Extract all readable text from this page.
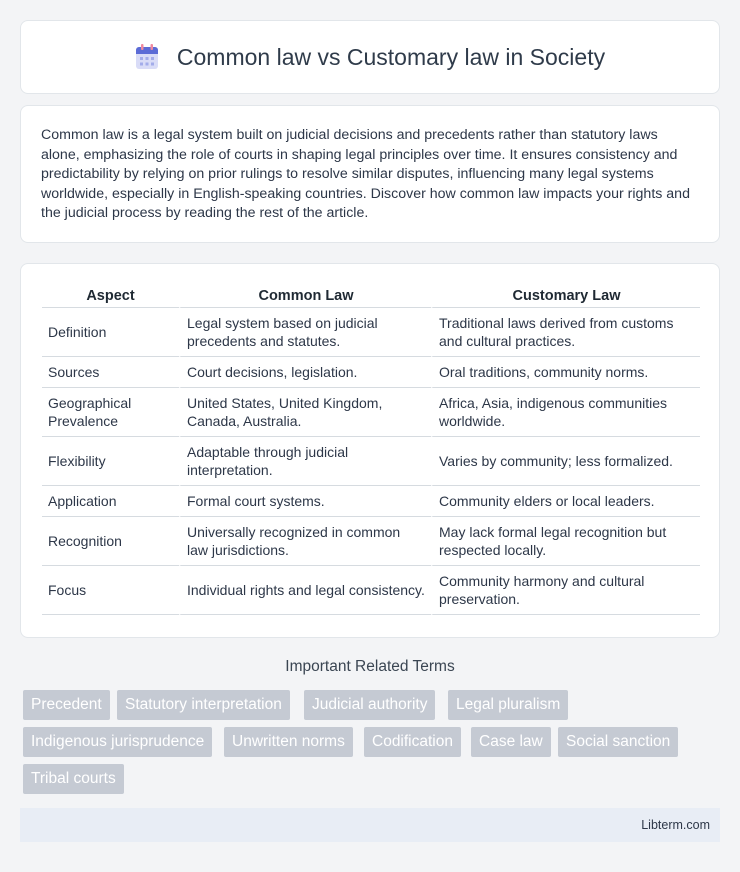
Common law vs Customary law in Society

Common law is a legal system built on judicial decisions and precedents rather than statutory laws alone, emphasizing the role of courts in shaping legal principles over time. It ensures consistency and predictability by relying on prior rulings to resolve similar disputes, influencing many legal systems worldwide, especially in English-speaking countries. Discover how common law impacts your rights and the judicial process by reading the rest of the article.

Aspect	Common Law	Customary Law
Definition	Legal system based on judicial precedents and statutes.	Traditional laws derived from customs and cultural practices.
Sources	Court decisions, legislation.	Oral traditions, community norms.
Geographical Prevalence	United States, United Kingdom, Canada, Australia.	Africa, Asia, indigenous communities worldwide.
Flexibility	Adaptable through judicial interpretation.	Varies by community; less formalized.
Application	Formal court systems.	Community elders or local leaders.
Recognition	Universally recognized in common law jurisdictions.	May lack formal legal recognition but respected locally.
Focus	Individual rights and legal consistency.	Community harmony and cultural preservation.
Important Related Terms
Precedent	Statutory interpretation	Judicial authority	Legal pluralism
Indigenous jurisprudence	Unwritten norms	Codification	Case law	Social sanction
Tribal courts
Libterm.com
